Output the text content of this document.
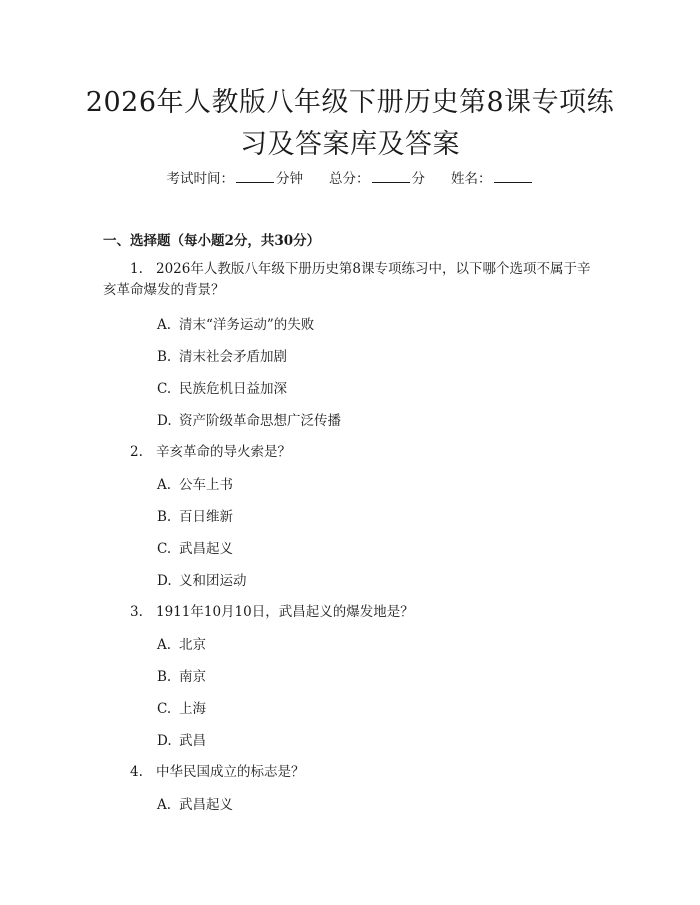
2026年人教版八年级下册历史第8课专项练
习及答案库及答案
考试时间：	分钟 总分：	分 姓名：
一、选择题（每小题2分，共30分）
1. 2026年人教版八年级下册历史第8课专项练习中，以下哪个选项不属于辛亥革命爆发的背景？
A. 清末“洋务运动”的失败
B. 清末社会矛盾加剧
C. 民族危机日益加深
D. 资产阶级革命思想广泛传播
2. 辛亥革命的导火索是？
A. 公车上书
B. 百日维新
C. 武昌起义
D. 义和团运动
3. 1911年10月10日，武昌起义的爆发地是？
A. 北京
B. 南京
C. 上海
D. 武昌
4. 中华民国成立的标志是？
A. 武昌起义
